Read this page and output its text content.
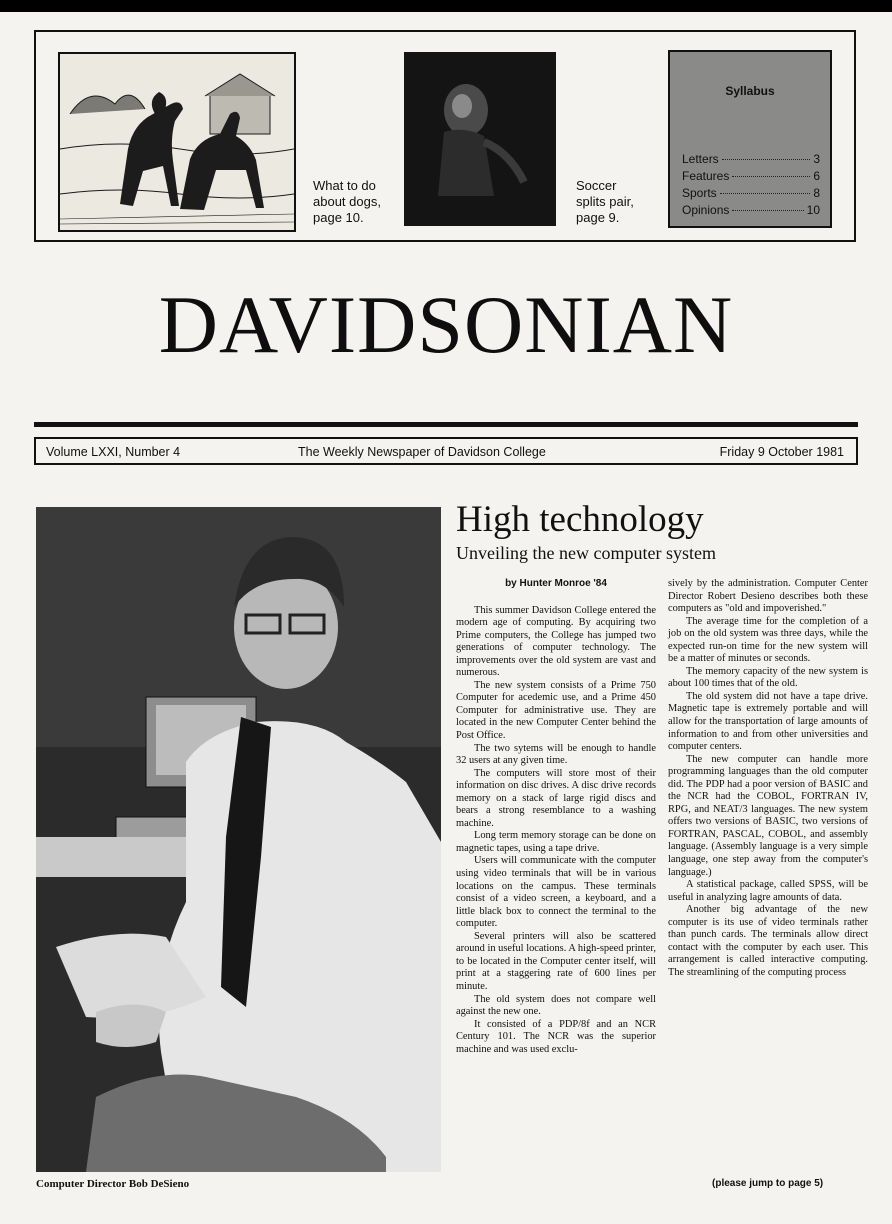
What to do
about dogs,
page 10.
Soccer
splits pair,
page 9.
Syllabus
Letters	3
Features	6
Sports	8
Opinions	10
DAVIDSONIAN
Volume LXXI, Number 4	The Weekly Newspaper of Davidson College	Friday 9 October 1981
Computer Director Bob DeSieno
High technology
Unveiling the new computer system

by Hunter Monroe '84

This summer Davidson College entered the modern age of computing. By acquiring two Prime computers, the College has jumped two generations of computer technology. The improvements over the old system are vast and numerous.

The new system consists of a Prime 750 Computer for acedemic use, and a Prime 450 Computer for administrative use. They are located in the new Computer Center behind the Post Office.

The two sytems will be enough to handle 32 users at any given time.

The computers will store most of their information on disc drives. A disc drive records memory on a stack of large rigid discs and bears a strong resemblance to a washing machine.

Long term memory storage can be done on magnetic tapes, using a tape drive.

Users will communicate with the computer using video terminals that will be in various locations on the campus. These terminals consist of a video screen, a keyboard, and a little black box to connect the terminal to the computer.

Several printers will also be scattered around in useful locations. A high-speed printer, to be located in the Computer center itself, will print at a staggering rate of 600 lines per minute.

The old system does not compare well against the new one.

It consisted of a PDP/8f and an NCR Century 101. The NCR was the superior machine and was used exclu-

sively by the administration. Computer Center Director Robert Desieno describes both these computers as "old and impoverished."

The average time for the completion of a job on the old system was three days, while the expected run-on time for the new system will be a matter of minutes or seconds.

The memory capacity of the new system is about 100 times that of the old.

The old system did not have a tape drive. Magnetic tape is extremely portable and will allow for the transportation of large amounts of information to and from other universities and computer centers.

The new computer can handle more programming languages than the old computer did. The PDP had a poor version of BASIC and the NCR had the COBOL, FORTRAN IV, RPG, and NEAT/3 languages. The new system offers two versions of BASIC, two versions of FORTRAN, PASCAL, COBOL, and assembly language. (Assembly language is a very simple language, one step away from the computer's language.)

A statistical package, called SPSS, will be useful in analyzing lagre amounts of data.

Another big advantage of the new computer is its use of video terminals rather than punch cards. The terminals allow direct contact with the computer by each user. This arrangement is called interactive computing. The streamlining of the computing process

(please jump to page 5)
